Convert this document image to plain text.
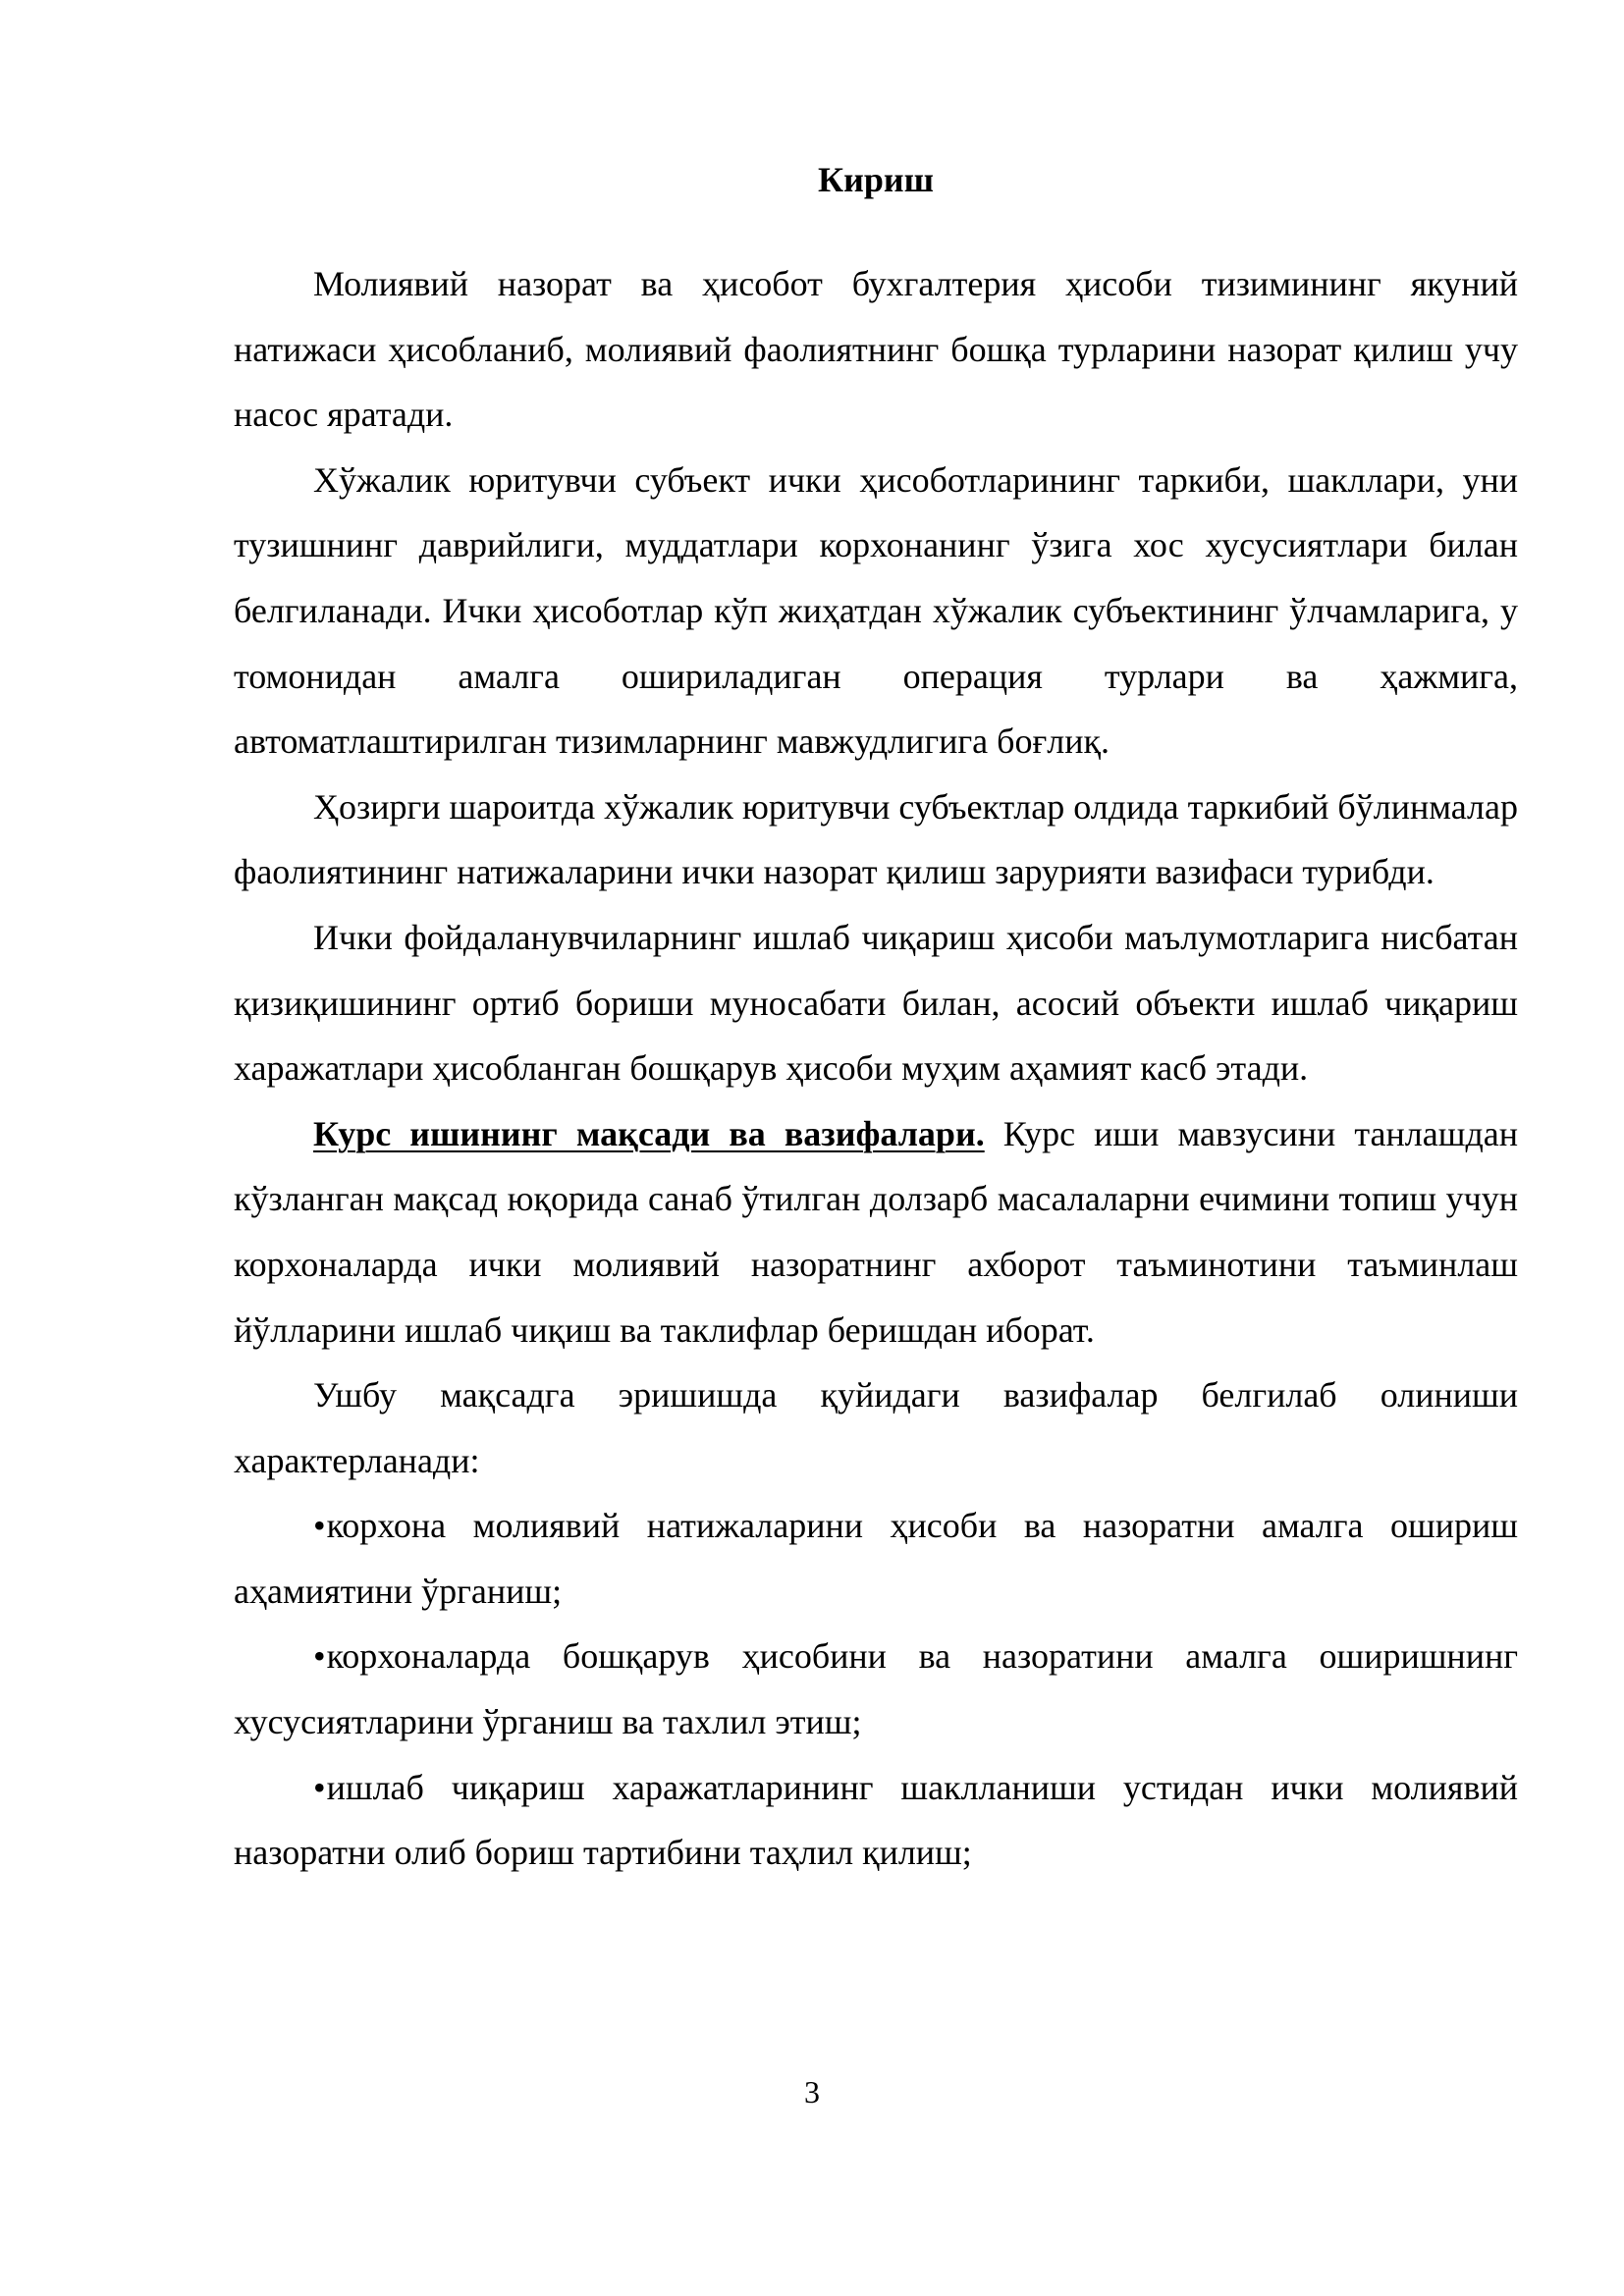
Кириш

Молиявий назорат ва ҳисобот бухгалтерия ҳисоби тизимининг якуний натижаси ҳисобланиб, молиявий фаолиятнинг бошқа турларини назорат қилиш учу насос яратади.

Хўжалик юритувчи субъект ички ҳисоботларининг таркиби, шакллари, уни тузишнинг даврийлиги, муддатлари корхонанинг ўзига хос хусусиятлари билан белгиланади. Ички ҳисоботлар кўп жиҳатдан хўжалик субъектининг ўлчамларига, у томонидан амалга ошириладиган операция турлари ва ҳажмига, автоматлаштирилган тизимларнинг мавжудлигига боғлиқ.

Ҳозирги шароитда хўжалик юритувчи субъектлар олдида таркибий бўлинмалар фаолиятининг натижаларини ички назорат қилиш зарурияти вазифаси турибди.

Ички фойдаланувчиларнинг ишлаб чиқариш ҳисоби маълумотларига нисбатан қизиқишининг ортиб бориши муносабати билан, асосий объекти ишлаб чиқариш харажатлари ҳисобланган бошқарув ҳисоби муҳим аҳамият касб этади.

Курс ишининг мақсади ва вазифалари. Курс иши мавзусини танлашдан кўзланган мақсад юқорида санаб ўтилган долзарб масалаларни ечимини топиш учун корхоналарда ички молиявий назоратнинг ахборот таъминотини таъминлаш йўлларини ишлаб чиқиш ва таклифлар беришдан иборат.

Ушбу мақсадга эришишда қуйидаги вазифалар белгилаб олиниши характерланади:

•корхона молиявий натижаларини ҳисоби ва назоратни амалга ошириш аҳамиятини ўрганиш;

•корхоналарда бошқарув ҳисобини ва назоратини амалга оширишнинг хусусиятларини ўрганиш ва тахлил этиш;

•ишлаб чиқариш харажатларининг шаклланиши устидан ички молиявий назоратни олиб бориш тартибини таҳлил қилиш;

3
